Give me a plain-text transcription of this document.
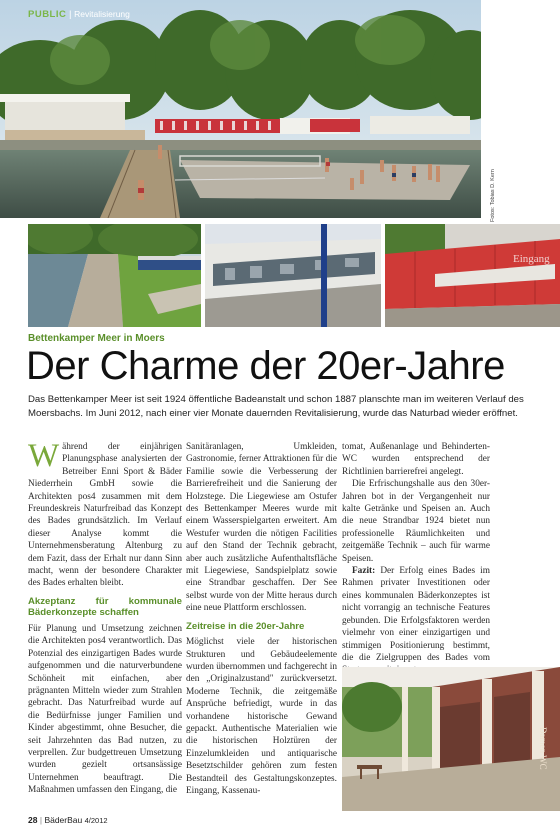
PUBLIC | Revitalisierung
Fotos: Tobias D. Kern
Eingang
Bettenkamper Meer in Moers
Der Charme der 20er-Jahre
Das Bettenkamper Meer ist seit 1924 öffentliche Badeanstalt und schon 1887 planschte man im weiteren Verlauf des Moersbachs. Im Juni 2012, nach einer vier Monate dauernden Revitalisierung, wurde das Naturbad wieder eröffnet.

Während der einjährigen Planungsphase analysierten der Betreiber Enni Sport & Bäder Niederrhein GmbH sowie die Architekten pos4 zusammen mit dem Freundeskreis Naturfreibad das Konzept des Bades grundsätzlich. Im Verlauf dieser Analyse kommt die Unternehmensberatung Altenburg zu dem Fazit, dass der Erhalt nur dann Sinn macht, wenn der besondere Charakter des Bades erhalten bleibt.

Akzeptanz für kommunale Bäderkonzepte schaffen

Für Planung und Umsetzung zeichnen die Architekten pos4 verantwortlich. Das Potenzial des einzigartigen Bades wurde aufgenommen und die naturverbundene Schönheit mit einfachen, aber prägnanten Mitteln wieder zum Strahlen gebracht. Das Naturfreibad wurde auf die Bedürfnisse junger Familien und Kinder abgestimmt, ohne Besucher, die seit Jahrzehnten das Bad nutzen, zu verprellen. Zur budgettreuen Umsetzung wurden gezielt ortsansässige Unternehmen beauftragt. Die Maßnahmen umfassen den Eingang, die

Sanitäranlagen, Umkleiden, Gastronomie, ferner Attraktionen für die Familie sowie die Verbesserung der Barrierefreiheit und die Sanierung der Holzstege. Die Liegewiese am Ostufer des Bettenkamper Meeres wurde mit einem Wasserspielgarten erweitert. Am Westufer wurden die nötigen Facilities auf den Stand der Technik gebracht, aber auch zusätzliche Aufenthaltsfläche mit Liegewiese, Sandspielplatz sowie eine Strandbar geschaffen. Der See selbst wurde von der Mitte heraus durch eine neue Plattform erschlossen.

Zeitreise in die 20er-Jahre

Möglichst viele der historischen Strukturen und Gebäudeelemente wurden übernommen und fachgerecht in den „Originalzustand" zurückversetzt. Moderne Technik, die zeitgemäße Ansprüche befriedigt, wurde in das vorhandene historische Gewand gepackt. Authentische Materialien wie die historischen Holztüren der Einzelumkleiden und antiquarische Besetztschilder gehören zum festen Bestandteil des Gestaltungskonzeptes. Eingang, Kassenau-

tomat, Außenanlage und Behinderten-WC wurden entsprechend der Richtlinien barrierefrei angelegt.

Die Erfrischungshalle aus den 30er-Jahren bot in der Vergangenheit nur kalte Getränke und Speisen an. Auch die neue Strandbar 1924 bietet nun professionelle Räumlichkeiten und zeitgemäße Technik – auch für warme Speisen.

Fazit: Der Erfolg eines Bades im Rahmen privater Investitionen oder eines kommunalen Bäderkonzeptes ist nicht vorrangig an technische Features gebunden. Die Erfolgsfaktoren werden vielmehr von einer einzigartigen und stimmigen Positionierung bestimmt, die die Zielgruppen des Bades vom

Damen WC
28 | BäderBau 4/2012
